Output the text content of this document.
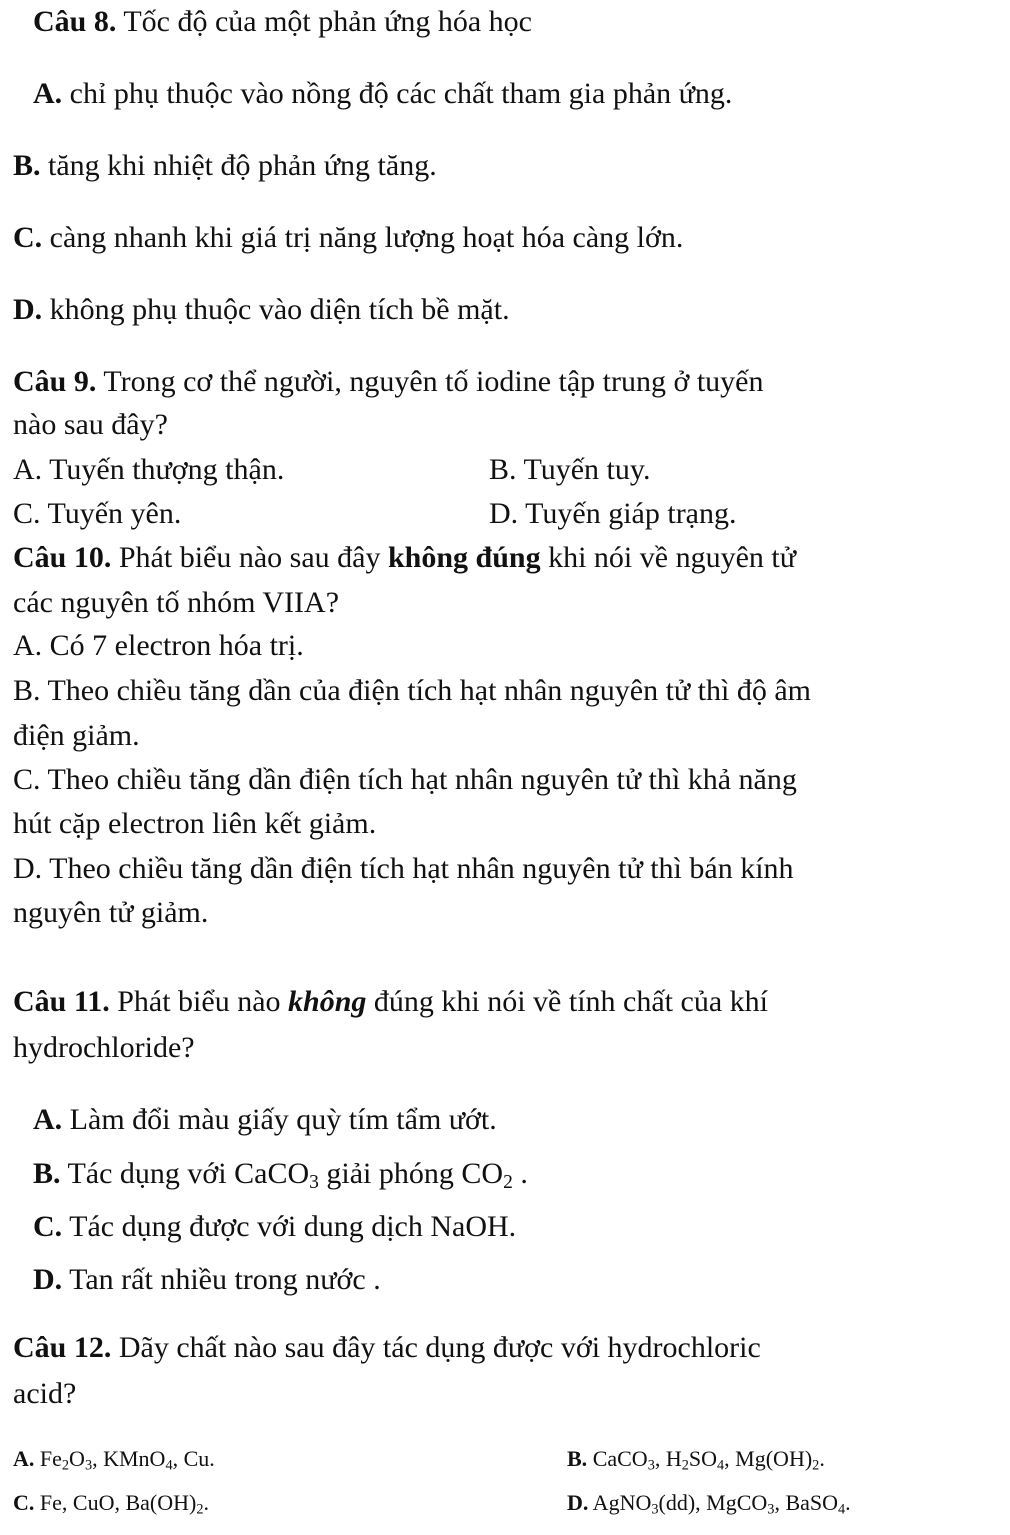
Câu 8. Tốc độ của một phản ứng hóa học
A. chỉ phụ thuộc vào nồng độ các chất tham gia phản ứng.
B. tăng khi nhiệt độ phản ứng tăng.
C. càng nhanh khi giá trị năng lượng hoạt hóa càng lớn.
D. không phụ thuộc vào diện tích bề mặt.
Câu 9. Trong cơ thể người, nguyên tố iodine tập trung ở tuyến
nào sau đây?
A. Tuyến thượng thận.	B. Tuyến tuy.
C. Tuyến yên.	D. Tuyến giáp trạng.
Câu 10. Phát biểu nào sau đây không đúng khi nói về nguyên tử
các nguyên tố nhóm VIIA?
A. Có 7 electron hóa trị.
B. Theo chiều tăng dần của điện tích hạt nhân nguyên tử thì độ âm
điện giảm.
C. Theo chiều tăng dần điện tích hạt nhân nguyên tử thì khả năng
hút cặp electron liên kết giảm.
D. Theo chiều tăng dần điện tích hạt nhân nguyên tử thì bán kính
nguyên tử giảm.
Câu 11. Phát biểu nào không đúng khi nói về tính chất của khí
hydrochloride?
A. Làm đổi màu giấy quỳ tím tẩm ướt.
B. Tác dụng với CaCO$_3$ giải phóng $CO_2$ .
C. Tác dụng được với dung dịch NaOH.
D. Tan rất nhiều trong nước .
Câu 12. Dãy chất nào sau đây tác dụng được với hydrochloric
acid?
A. $Fe_2O_3$, KMnO$_4$, Cu.	B. CaCO$_3$, $H_2SO_4$, $Mg(OH)_2$.
C. Fe, CuO, $Ba(OH)_2$.	D. AgNO$_3$(dd), MgCO$_3$, BaSO$_4$.
